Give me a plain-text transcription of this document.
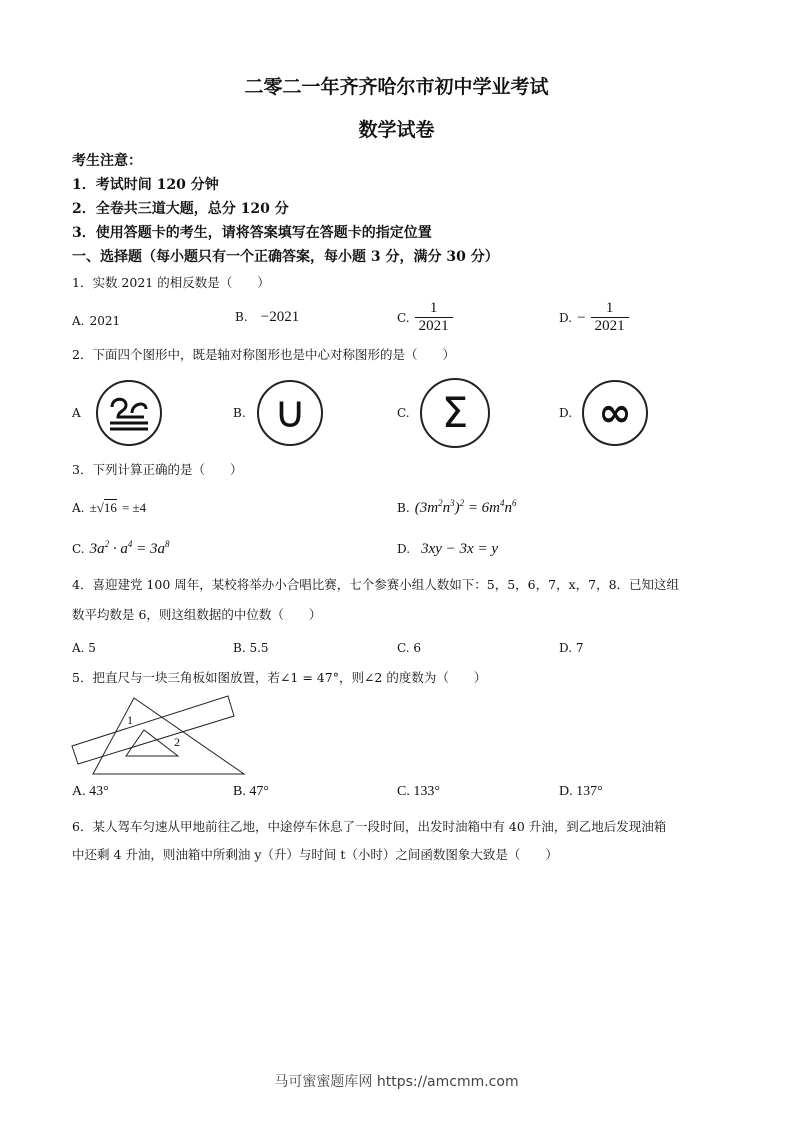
二零二一年齐齐哈尔市初中学业考试
数学试卷
考生注意：
1．考试时间 120 分钟
2．全卷共三道大题，总分 120 分
3．使用答题卡的考生，请将答案填写在答题卡的指定位置
一、选择题（每小题只有一个正确答案，每小题 3 分，满分 30 分）
1．实数 2021 的相反数是（　　）
A. 2021	B. −2021	C. $\frac{1}{2021}$	D. − $\frac{1}{2021}$
2．下面四个图形中，既是轴对称图形也是中心对称图形的是（　　）
A	B. ∪	C. Σ	D. ∞
3．下列计算正确的是（　　）
A. ±√16 = ±4	B. $(3m^2n^3)^2 = 6m^4n^6$
C. $3a^2 \cdot a^4 = 3a^8$	D. 3xy − 3x = y
4．喜迎建党 100 周年，某校将举办小合唱比赛，七个参赛小组人数如下：5，5，6，7，x，7，8．已知这组
数平均数是 6，则这组数据的中位数（　　）
A. 5	B. 5.5	C. 6	D. 7
5．把直尺与一块三角板如图放置，若∠1 = 47°，则∠2 的度数为（　　）
1
2
A. 43°	B. 47°	C. 133°	D. 137°
6．某人驾车匀速从甲地前往乙地，中途停车休息了一段时间，出发时油箱中有 40 升油，到乙地后发现油箱
中还剩 4 升油，则油箱中所剩油 y（升）与时间 t（小时）之间函数图象大致是（　　）
马可蜜蜜题库网 https://amcmm.com
